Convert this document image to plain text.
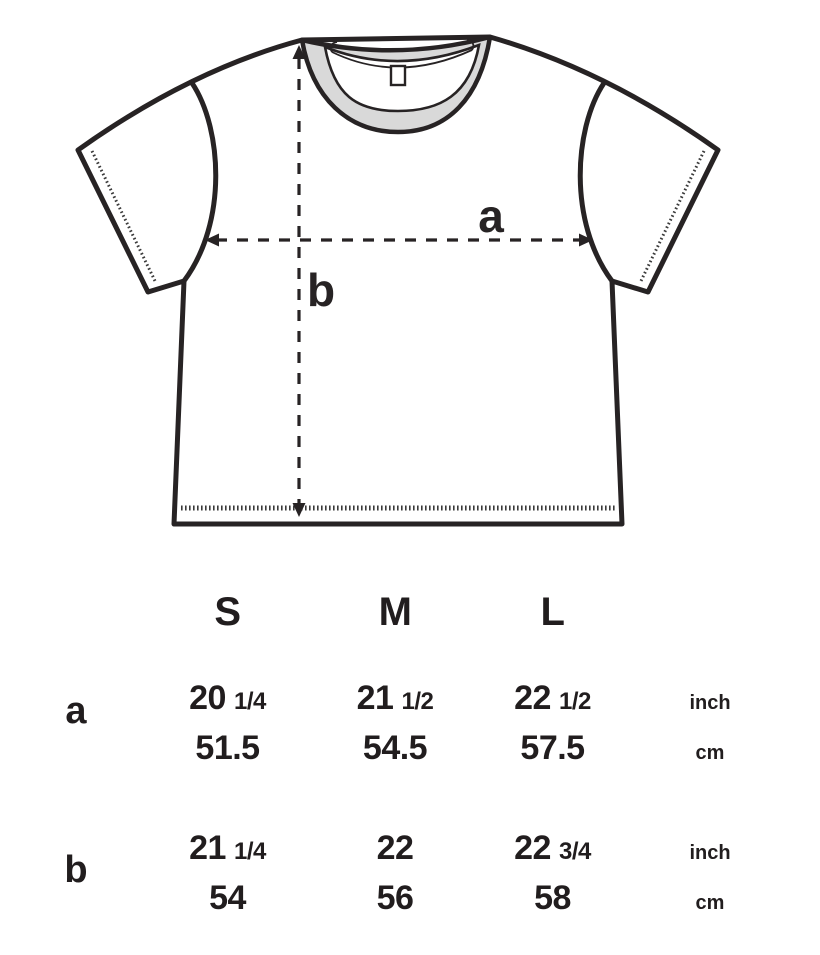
a
b
S	M	L
20 1/4	21 1/2	22 1/2	inch
51.5	54.5	57.5	cm
21 1/4	22	22 3/4	inch
54	56	58	cm
a
b
